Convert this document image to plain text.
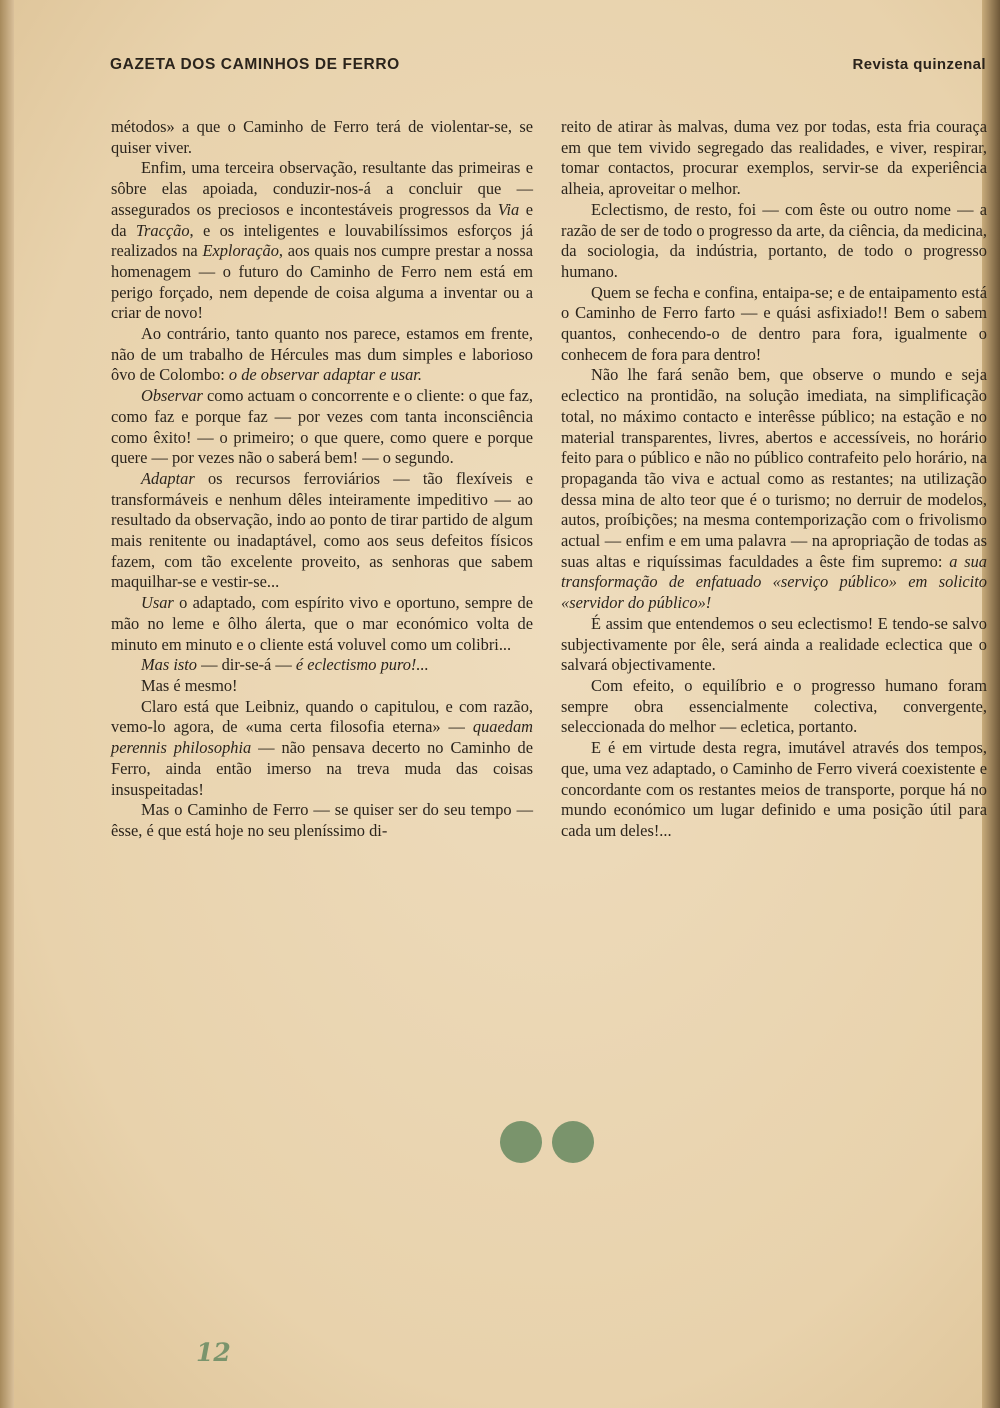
GAZETA DOS CAMINHOS DE FERRO	Revista quinzenal

métodos» a que o Caminho de Ferro terá de violentar-se, se quiser viver.

Enfim, uma terceira observação, resultante das primeiras e sôbre elas apoiada, conduzir-nos-á a concluir que — assegurados os preciosos e incontestáveis progressos da Via e da Tracção, e os inteligentes e louvabilíssimos esforços já realizados na Exploração, aos quais nos cumpre prestar a nossa homenagem — o futuro do Caminho de Ferro nem está em perigo forçado, nem depende de coisa alguma a inventar ou a criar de novo!

Ao contrário, tanto quanto nos parece, estamos em frente, não de um trabalho de Hércules mas dum simples e laborioso ôvo de Colombo: o de observar adaptar e usar.

Observar como actuam o concorrente e o cliente: o que faz, como faz e porque faz — por vezes com tanta inconsciência como êxito! — o primeiro; o que quere, como quere e porque quere — por vezes não o saberá bem! — o segundo.

Adaptar os recursos ferroviários — tão flexíveis e transformáveis e nenhum dêles inteiramente impeditivo — ao resultado da observação, indo ao ponto de tirar partido de algum mais renitente ou inadaptável, como aos seus defeitos físicos fazem, com tão excelente proveito, as senhoras que sabem maquilhar-se e vestir-se...

Usar o adaptado, com espírito vivo e oportuno, sempre de mão no leme e ôlho álerta, que o mar económico volta de minuto em minuto e o cliente está voluvel como um colibri...

Mas isto — dir-se-á — é eclectismo puro!...

Mas é mesmo!

Claro está que Leibniz, quando o capitulou, e com razão, vemo-lo agora, de «uma certa filosofia eterna» — quaedam perennis philosophia — não pensava decerto no Caminho de Ferro, ainda então imerso na treva muda das coisas insuspeitadas!

Mas o Caminho de Ferro — se quiser ser do seu tempo — êsse, é que está hoje no seu pleníssimo di-

reito de atirar às malvas, duma vez por todas, esta fria couraça em que tem vivido segregado das realidades, e viver, respirar, tomar contactos, procurar exemplos, servir-se da experiência alheia, aproveitar o melhor.

Eclectismo, de resto, foi — com êste ou outro nome — a razão de ser de todo o progresso da arte, da ciência, da medicina, da sociologia, da indústria, portanto, de todo o progresso humano.

Quem se fecha e confina, entaipa-se; e de entaipamento está o Caminho de Ferro farto — e quási asfixiado!! Bem o sabem quantos, conhecendo-o de dentro para fora, igualmente o conhecem de fora para dentro!

Não lhe fará senão bem, que observe o mundo e seja eclectico na prontidão, na solução imediata, na simplificação total, no máximo contacto e interêsse público; na estação e no material transparentes, livres, abertos e accessíveis, no horário feito para o público e não no público contrafeito pelo horário, na propaganda tão viva e actual como as restantes; na utilização dessa mina de alto teor que é o turismo; no derruir de modelos, autos, proíbições; na mesma contemporização com o frivolismo actual — enfim e em uma palavra — na apropriação de todas as suas altas e riquíssimas faculdades a êste fim supremo: a sua transformação de enfatuado «serviço público» em solicito «servidor do público»!

É assim que entendemos o seu eclectismo! E tendo-se salvo subjectivamente por êle, será ainda a realidade eclectica que o salvará objectivamente.

Com efeito, o equilíbrio e o progresso humano foram sempre obra essencialmente colectiva, convergente, seleccionada do melhor — ecletica, portanto.

E é em virtude desta regra, imutável através dos tempos, que, uma vez adaptado, o Caminho de Ferro viverá coexistente e concordante com os restantes meios de transporte, porque há no mundo económico um lugar definido e uma posição útil para cada um deles!...

12
